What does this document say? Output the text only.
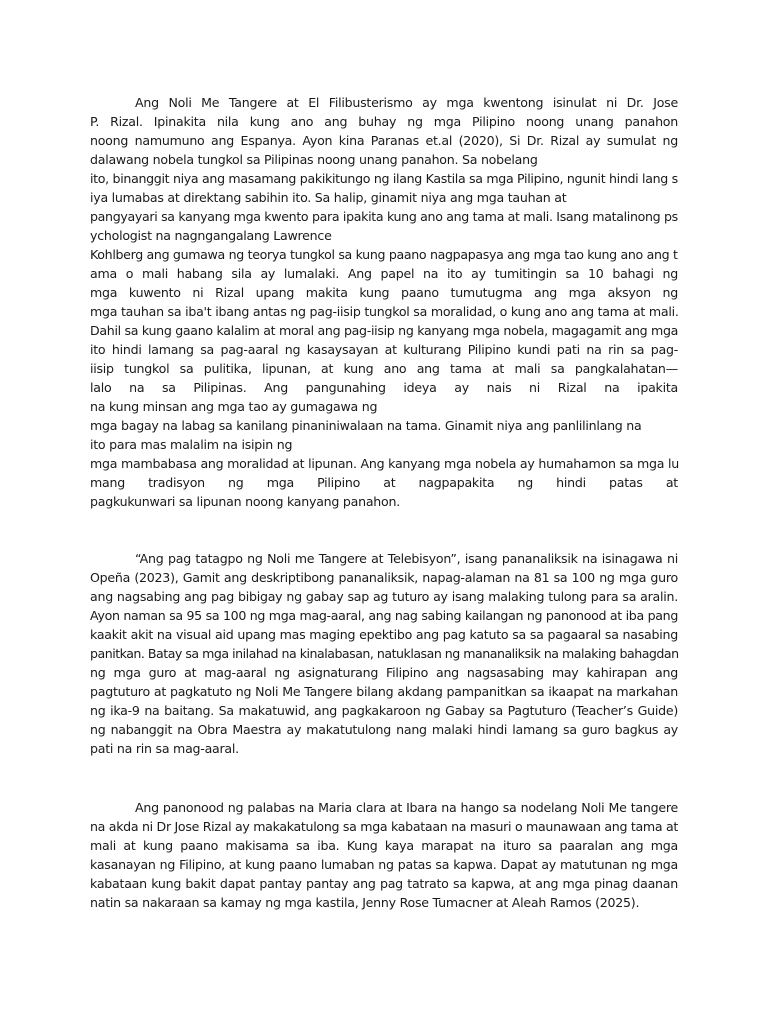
Ang Noli Me Tangere at El Filibusterismo ay mga kwentong isinulat ni Dr. Jose

P. Rizal. Ipinakita nila kung ano ang buhay ng mga Pilipino noong unang panahon

noong namumuno ang Espanya. Ayon kina Paranas et.al (2020), Si Dr. Rizal ay sumulat ng

dalawang nobela tungkol sa Pilipinas noong unang panahon. Sa nobelang

ito, binanggit niya ang masamang pakikitungo ng ilang Kastila sa mga Pilipino, ngunit hindi lang s

iya lumabas at direktang sabihin ito. Sa halip, ginamit niya ang mga tauhan at

pangyayari sa kanyang mga kwento para ipakita kung ano ang tama at mali. Isang matalinong ps

ychologist na nagngangalang Lawrence

Kohlberg ang gumawa ng teorya tungkol sa kung paano nagpapasya ang mga tao kung ano ang t

ama o mali habang sila ay lumalaki. Ang papel na ito ay tumitingin sa 10 bahagi ng

mga kuwento ni Rizal upang makita kung paano tumutugma ang mga aksyon ng

mga tauhan sa iba't ibang antas ng pag-iisip tungkol sa moralidad, o kung ano ang tama at mali.

Dahil sa kung gaano kalalim at moral ang pag-iisip ng kanyang mga nobela, magagamit ang mga

ito hindi lamang sa pag-aaral ng kasaysayan at kulturang Pilipino kundi pati na rin sa pag-

iisip tungkol sa pulitika, lipunan, at kung ano ang tama at mali sa pangkalahatan—

lalo na sa Pilipinas. Ang pangunahing ideya ay nais ni Rizal na ipakita

na kung minsan ang mga tao ay gumagawa ng

mga bagay na labag sa kanilang pinaniniwalaan na tama. Ginamit niya ang panlilinlang na

ito para mas malalim na isipin ng

mga mambabasa ang moralidad at lipunan. Ang kanyang mga nobela ay humahamon sa mga lu

mang tradisyon ng mga Pilipino at nagpapakita ng hindi patas at

pagkukunwari sa lipunan noong kanyang panahon.

“Ang pag tatagpo ng Noli me Tangere at Telebisyon”, isang pananaliksik na isinagawa ni

Opeña (2023), Gamit ang deskriptibong pananaliksik, napag-alaman na 81 sa 100 ng mga guro

ang nagsabing ang pag bibigay ng gabay sap ag tuturo ay isang malaking tulong para sa aralin.

Ayon naman sa 95 sa 100 ng mga mag-aaral, ang nag sabing kailangan ng panonood at iba pang

kaakit akit na visual aid upang mas maging epektibo ang pag katuto sa sa pagaaral sa nasabing

panitkan. Batay sa mga inilahad na kinalabasan, natuklasan ng mananaliksik na malaking bahagdan

ng mga guro at mag-aaral ng asignaturang Filipino ang nagsasabing may kahirapan ang

pagtuturo at pagkatuto ng Noli Me Tangere bilang akdang pampanitkan sa ikaapat na markahan

ng ika-9 na baitang. Sa makatuwid, ang pagkakaroon ng Gabay sa Pagtuturo (Teacher’s Guide)

ng nabanggit na Obra Maestra ay makatutulong nang malaki hindi lamang sa guro bagkus ay

pati na rin sa mag-aaral.

Ang panonood ng palabas na Maria clara at Ibara na hango sa nodelang Noli Me tangere

na akda ni Dr Jose Rizal ay makakatulong sa mga kabataan na masuri o maunawaan ang tama at

mali at kung paano makisama sa iba. Kung kaya marapat na ituro sa paaralan ang mga

kasanayan ng Filipino, at kung paano lumaban ng patas sa kapwa. Dapat ay matutunan ng mga

kabataan kung bakit dapat pantay pantay ang pag tatrato sa kapwa, at ang mga pinag daanan

natin sa nakaraan sa kamay ng mga kastila, Jenny Rose Tumacner at Aleah Ramos (2025).
